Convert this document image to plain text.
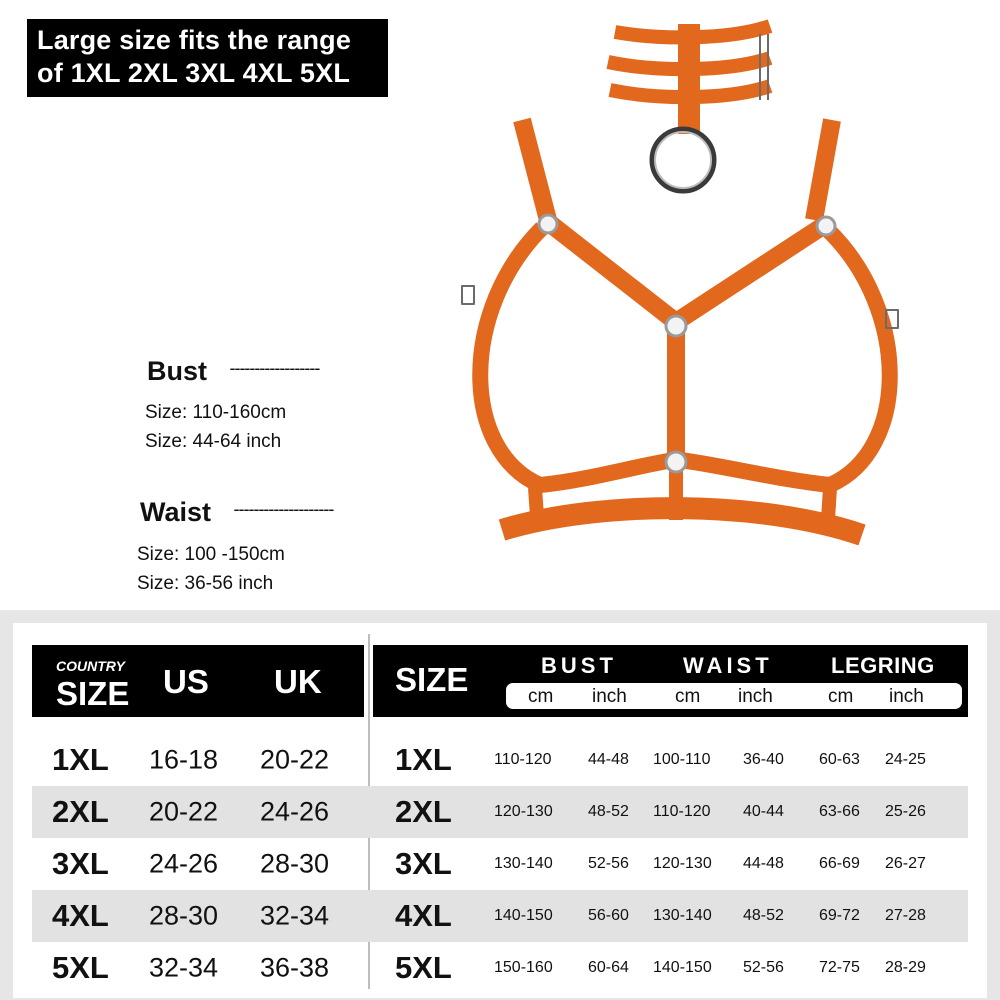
Large size fits the range
of 1XL 2XL 3XL 4XL 5XL
Bust ------------------
Size: 110-160cm
Size: 44-64 inch
Waist --------------------
Size: 100 -150cm
Size: 36-56 inch
COUNTRY
SIZE US UK SIZE	BUST	WAIST	LEGRING
cm inch	cm inch	cm inch
1XL 16-18 20-22 1XL	110-120 44-48 100-110 36-40 60-63 24-25
2XL 20-22 24-26 2XL	120-130 48-52 110-120 40-44 63-66 25-26
3XL 24-26 28-30 3XL	130-140 52-56 120-130 44-48 66-69 26-27
4XL 28-30 32-34 4XL	140-150 56-60 130-140 48-52 69-72 27-28
5XL 32-34 36-38 5XL	150-160 60-64 140-150 52-56 72-75 28-29
